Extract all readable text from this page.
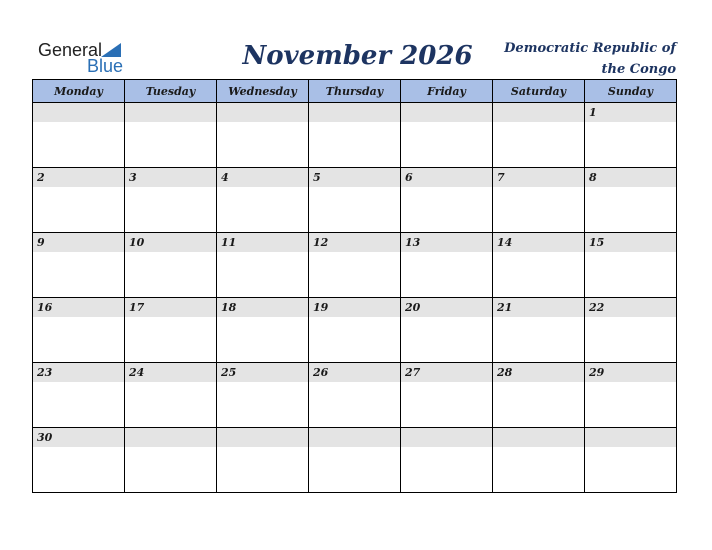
General
Blue	November 2026	Democratic Republic of
the Congo
Monday	Tuesday	Wednesday	Thursday	Friday	Saturday	Sunday

						1

2	3	4	5	6	7	8

9	10	11	12	13	14	15

16	17	18	19	20	21	22

23	24	25	26	27	28	29

30						
